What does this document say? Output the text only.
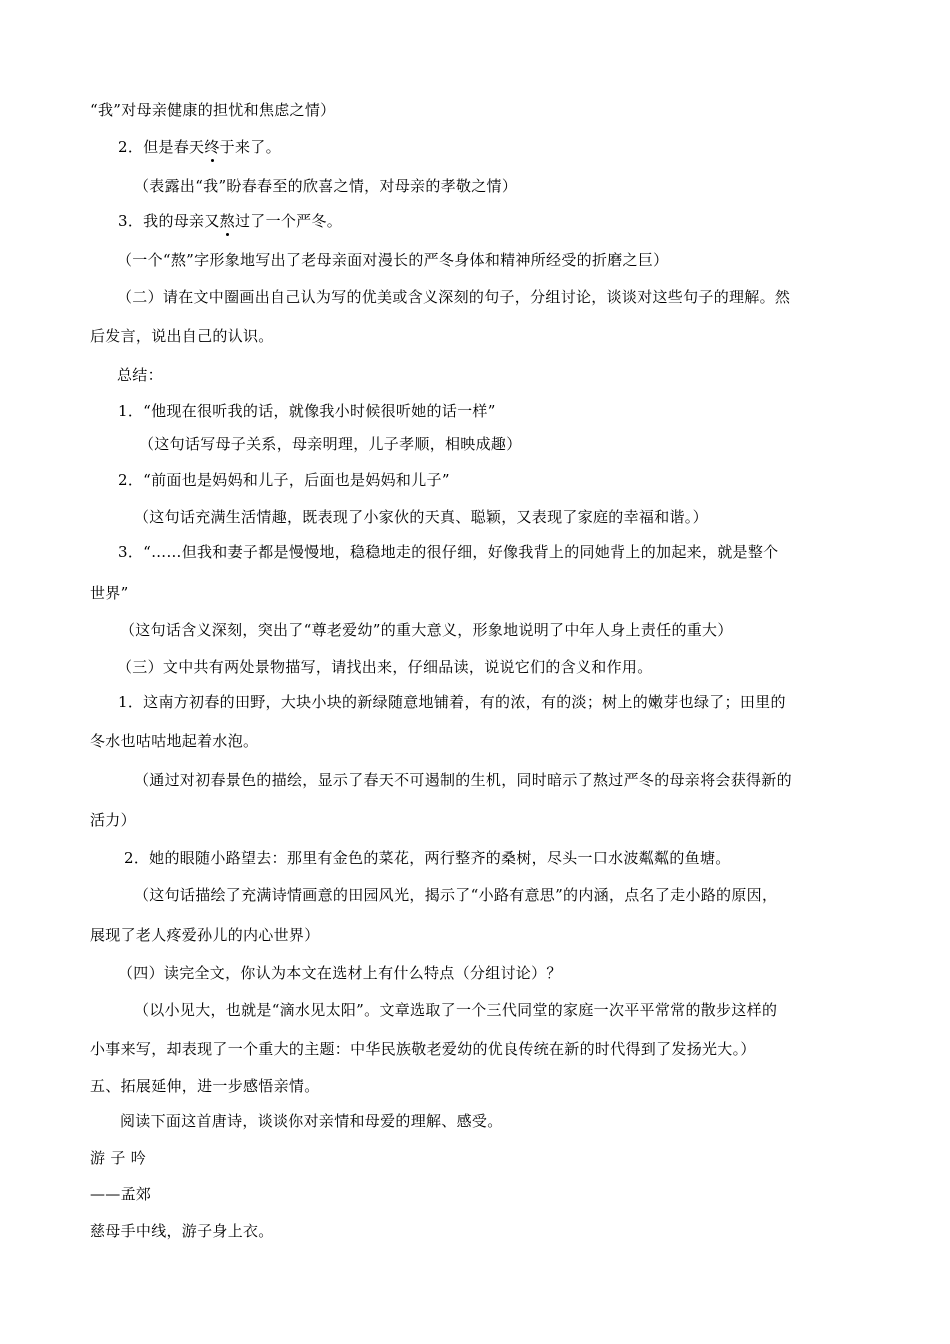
“我”对母亲健康的担忧和焦虑之情）
2．但是春天终于来了。
（表露出“我”盼春春至的欣喜之情，对母亲的孝敬之情）
3．我的母亲又熬过了一个严冬。
（一个“熬”字形象地写出了老母亲面对漫长的严冬身体和精神所经受的折磨之巨）
（二）请在文中圈画出自己认为写的优美或含义深刻的句子，分组讨论，谈谈对这些句子的理解。然
后发言，说出自己的认识。
总结：
1．“他现在很听我的话，就像我小时候很听她的话一样”
（这句话写母子关系，母亲明理，儿子孝顺，相映成趣）
2．“前面也是妈妈和儿子，后面也是妈妈和儿子”
（这句话充满生活情趣，既表现了小家伙的天真、聪颖，又表现了家庭的幸福和谐。）
3．“……但我和妻子都是慢慢地，稳稳地走的很仔细，好像我背上的同她背上的加起来，就是整个
世界”
（这句话含义深刻，突出了“尊老爱幼”的重大意义，形象地说明了中年人身上责任的重大）
（三）文中共有两处景物描写，请找出来，仔细品读，说说它们的含义和作用。
1．这南方初春的田野，大块小块的新绿随意地铺着，有的浓，有的淡；树上的嫩芽也绿了；田里的
冬水也咕咕地起着水泡。
（通过对初春景色的描绘，显示了春天不可遏制的生机，同时暗示了熬过严冬的母亲将会获得新的
活力）
2．她的眼随小路望去：那里有金色的菜花，两行整齐的桑树，尽头一口水波粼粼的鱼塘。
（这句话描绘了充满诗情画意的田园风光，揭示了“小路有意思”的内涵，点名了走小路的原因，
展现了老人疼爱孙儿的内心世界）
（四）读完全文，你认为本文在选材上有什么特点（分组讨论）？
（以小见大，也就是“滴水见太阳”。文章选取了一个三代同堂的家庭一次平平常常的散步这样的
小事来写，却表现了一个重大的主题：中华民族敬老爱幼的优良传统在新的时代得到了发扬光大。）
五、拓展延伸，进一步感悟亲情。
阅读下面这首唐诗，谈谈你对亲情和母爱的理解、感受。
游 子 吟
——孟郊
慈母手中线，游子身上衣。
